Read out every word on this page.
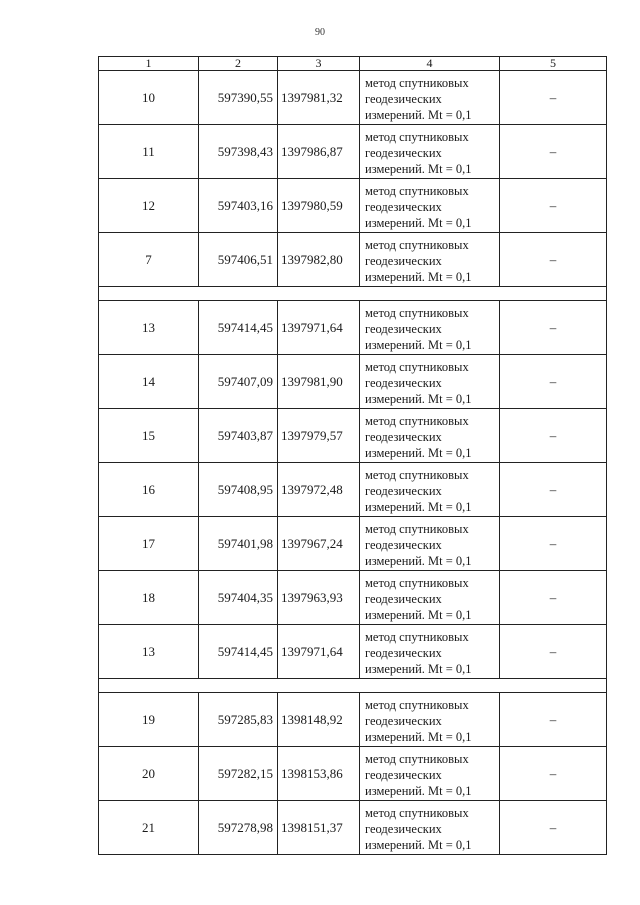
90
1	2	3	4	5
10	597390,55	1397981,32	метод спутниковых
геодезических
измерений. Mt = 0,1	–
11	597398,43	1397986,87	метод спутниковых
геодезических
измерений. Mt = 0,1	–
12	597403,16	1397980,59	метод спутниковых
геодезических
измерений. Mt = 0,1	–
7	597406,51	1397982,80	метод спутниковых
геодезических
измерений. Mt = 0,1	–

13	597414,45	1397971,64	метод спутниковых
геодезических
измерений. Mt = 0,1	–
14	597407,09	1397981,90	метод спутниковых
геодезических
измерений. Mt = 0,1	–
15	597403,87	1397979,57	метод спутниковых
геодезических
измерений. Mt = 0,1	–
16	597408,95	1397972,48	метод спутниковых
геодезических
измерений. Mt = 0,1	–
17	597401,98	1397967,24	метод спутниковых
геодезических
измерений. Mt = 0,1	–
18	597404,35	1397963,93	метод спутниковых
геодезических
измерений. Mt = 0,1	–
13	597414,45	1397971,64	метод спутниковых
геодезических
измерений. Mt = 0,1	–

19	597285,83	1398148,92	метод спутниковых
геодезических
измерений. Mt = 0,1	–
20	597282,15	1398153,86	метод спутниковых
геодезических
измерений. Mt = 0,1	–
21	597278,98	1398151,37	метод спутниковых
геодезических
измерений. Mt = 0,1	–
